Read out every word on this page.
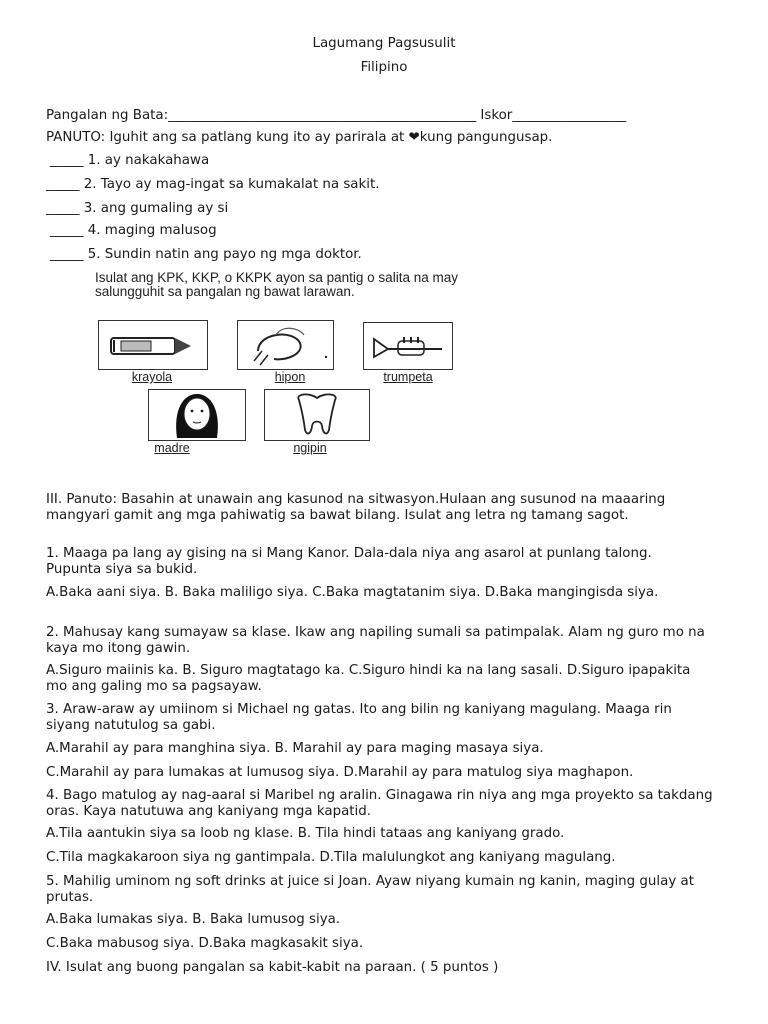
Lagumang Pagsusulit
Filipino
Pangalan ng Bata:______________________________________________ Iskor_________________
PANUTO: Iguhit ang sa patlang kung ito ay parirala at ❤kung pangungusap.
_____ 1. ay nakakahawa
_____ 2. Tayo ay mag-ingat sa kumakalat na sakit.
_____ 3. ang gumaling ay si
_____ 4. maging malusog
_____ 5. Sundin natin ang payo ng mga doktor.
Isulat ang KPK, KKP, o KKPK ayon sa pantig o salita na may salungguhit sa pangalan ng bawat larawan.
krayola	hipon	trumpeta
madre	ngipin
III. Panuto: Basahin at unawain ang kasunod na sitwasyon.Hulaan ang susunod na maaaring mangyari gamit ang mga pahiwatig sa bawat bilang. Isulat ang letra ng tamang sagot.
1. Maaga pa lang ay gising na si Mang Kanor. Dala-dala niya ang asarol at punlang talong. Pupunta siya sa bukid.
A.Baka aani siya. B. Baka maliligo siya. C.Baka magtatanim siya. D.Baka mangingisda siya.
2. Mahusay kang sumayaw sa klase. Ikaw ang napiling sumali sa patimpalak. Alam ng guro mo na kaya mo itong gawin.
A.Siguro maiinis ka. B. Siguro magtatago ka. C.Siguro hindi ka na lang sasali. D.Siguro ipapakita mo ang galing mo sa pagsayaw.
3. Araw-araw ay umiinom si Michael ng gatas. Ito ang bilin ng kaniyang magulang. Maaga rin siyang natutulog sa gabi.
A.Marahil ay para manghina siya. B. Marahil ay para maging masaya siya.
C.Marahil ay para lumakas at lumusog siya. D.Marahil ay para matulog siya maghapon.
4. Bago matulog ay nag-aaral si Maribel ng aralin. Ginagawa rin niya ang mga proyekto sa takdang oras. Kaya natutuwa ang kaniyang mga kapatid.
A.Tila aantukin siya sa loob ng klase. B. Tila hindi tataas ang kaniyang grado.
C.Tila magkakaroon siya ng gantimpala. D.Tila malulungkot ang kaniyang magulang.
5. Mahilig uminom ng soft drinks at juice si Joan. Ayaw niyang kumain ng kanin, maging gulay at prutas.
A.Baka lumakas siya. B. Baka lumusog siya.
C.Baka mabusog siya. D.Baka magkasakit siya.
IV. Isulat ang buong pangalan sa kabit-kabit na paraan. ( 5 puntos )
